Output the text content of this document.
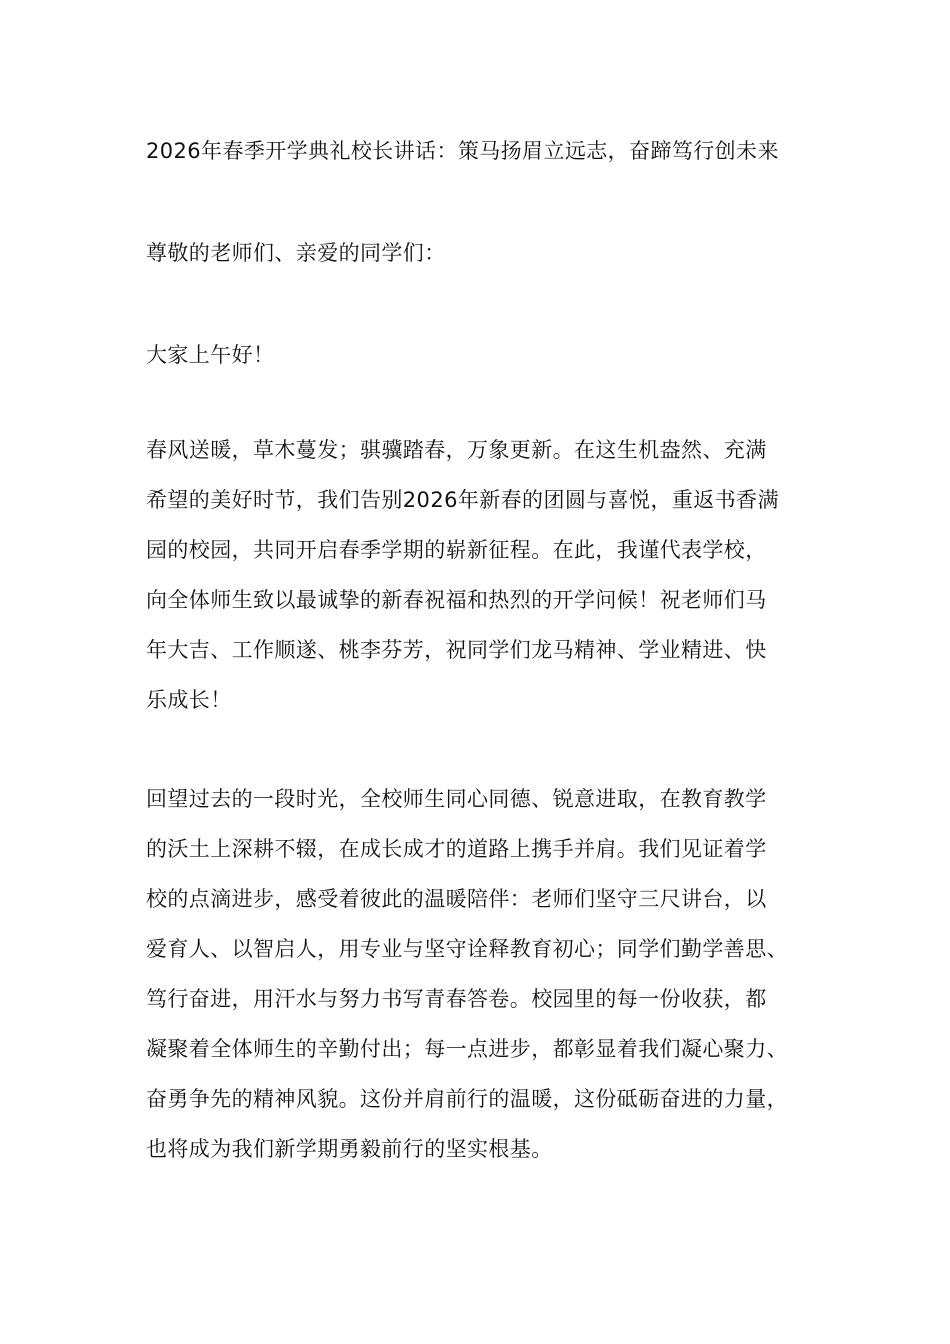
2026年春季开学典礼校长讲话：策马扬眉立远志，奋蹄笃行创未来
尊敬的老师们、亲爱的同学们：
大家上午好！
春风送暖，草木蔓发；骐骥踏春，万象更新。在这生机盎然、充满
希望的美好时节，我们告别2026年新春的团圆与喜悦，重返书香满
园的校园，共同开启春季学期的崭新征程。在此，我谨代表学校，
向全体师生致以最诚挚的新春祝福和热烈的开学问候！祝老师们马
年大吉、工作顺遂、桃李芬芳，祝同学们龙马精神、学业精进、快
乐成长！
回望过去的一段时光，全校师生同心同德、锐意进取，在教育教学
的沃土上深耕不辍，在成长成才的道路上携手并肩。我们见证着学
校的点滴进步，感受着彼此的温暖陪伴：老师们坚守三尺讲台，以
爱育人、以智启人，用专业与坚守诠释教育初心；同学们勤学善思、
笃行奋进，用汗水与努力书写青春答卷。校园里的每一份收获，都
凝聚着全体师生的辛勤付出；每一点进步，都彰显着我们凝心聚力、
奋勇争先的精神风貌。这份并肩前行的温暖，这份砥砺奋进的力量，
也将成为我们新学期勇毅前行的坚实根基。
